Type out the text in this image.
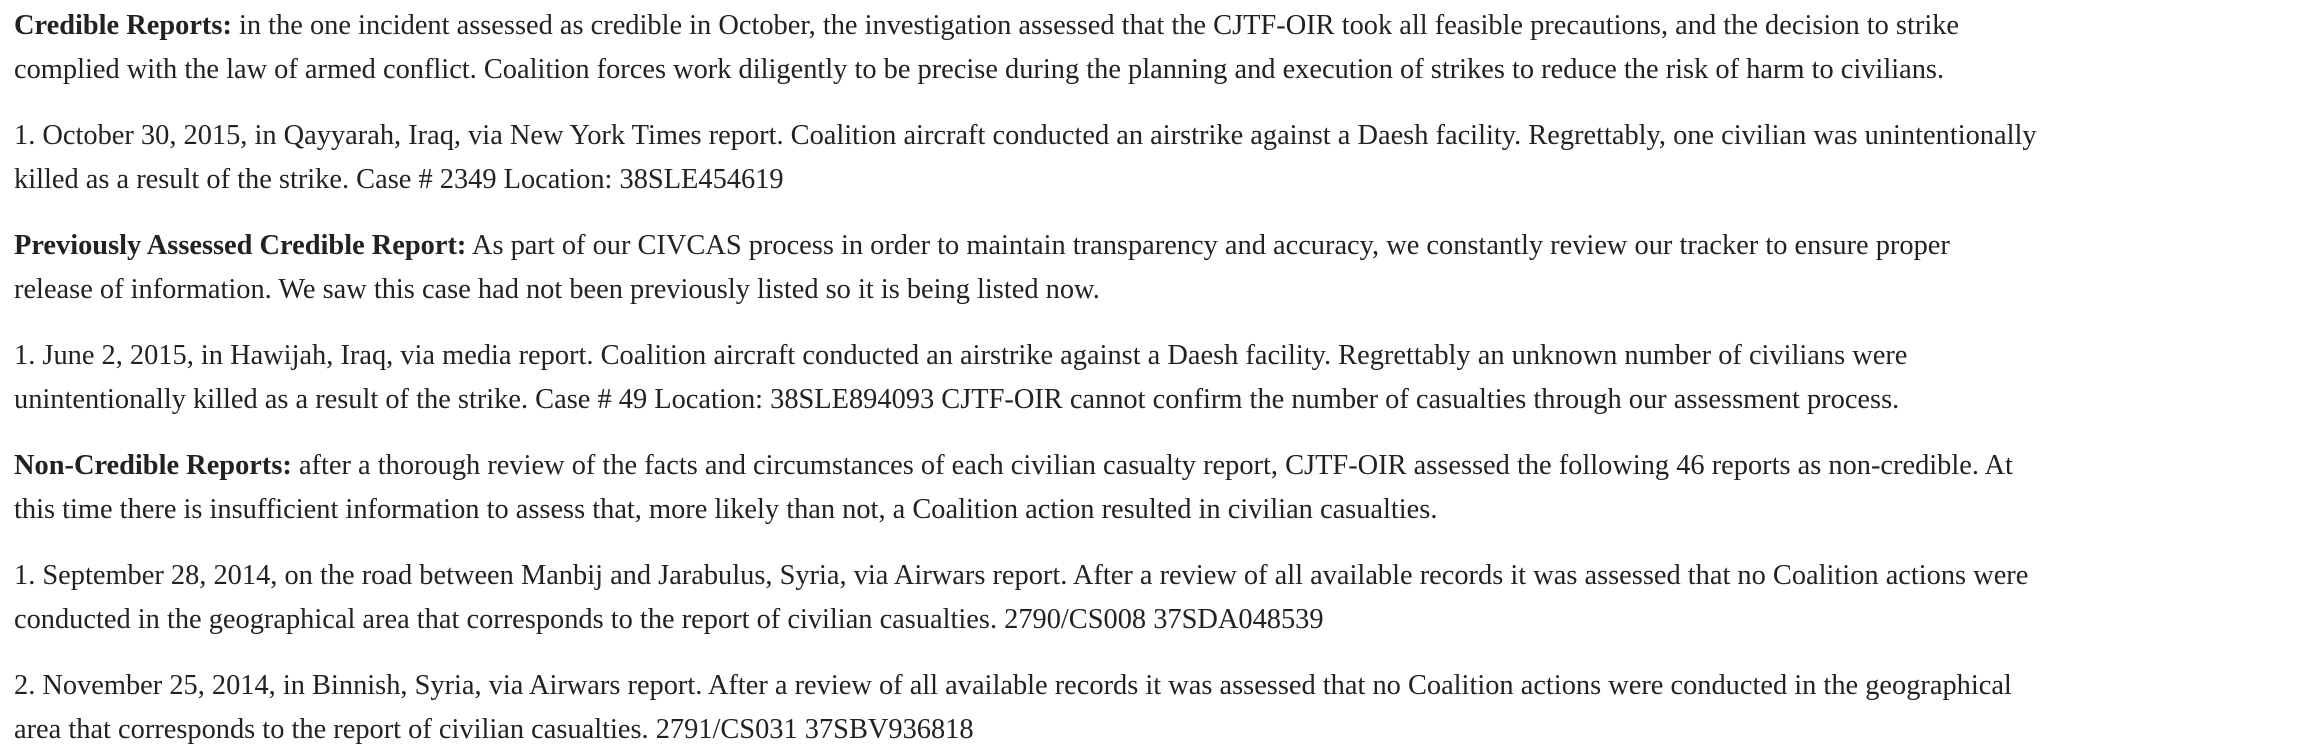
Credible Reports: in the one incident assessed as credible in October, the investigation assessed that the CJTF-OIR took all feasible precautions, and the decision to strike
complied with the law of armed conflict. Coalition forces work diligently to be precise during the planning and execution of strikes to reduce the risk of harm to civilians.

1. October 30, 2015, in Qayyarah, Iraq, via New York Times report. Coalition aircraft conducted an airstrike against a Daesh facility. Regrettably, one civilian was unintentionally
killed as a result of the strike. Case # 2349 Location: 38SLE454619

Previously Assessed Credible Report: As part of our CIVCAS process in order to maintain transparency and accuracy, we constantly review our tracker to ensure proper
release of information. We saw this case had not been previously listed so it is being listed now.

1. June 2, 2015, in Hawijah, Iraq, via media report. Coalition aircraft conducted an airstrike against a Daesh facility. Regrettably an unknown number of civilians were
unintentionally killed as a result of the strike. Case # 49 Location: 38SLE894093 CJTF-OIR cannot confirm the number of casualties through our assessment process.

Non-Credible Reports: after a thorough review of the facts and circumstances of each civilian casualty report, CJTF-OIR assessed the following 46 reports as non-credible. At
this time there is insufficient information to assess that, more likely than not, a Coalition action resulted in civilian casualties.

1. September 28, 2014, on the road between Manbij and Jarabulus, Syria, via Airwars report. After a review of all available records it was assessed that no Coalition actions were
conducted in the geographical area that corresponds to the report of civilian casualties. 2790/CS008 37SDA048539

2. November 25, 2014, in Binnish, Syria, via Airwars report. After a review of all available records it was assessed that no Coalition actions were conducted in the geographical
area that corresponds to the report of civilian casualties. 2791/CS031 37SBV936818
